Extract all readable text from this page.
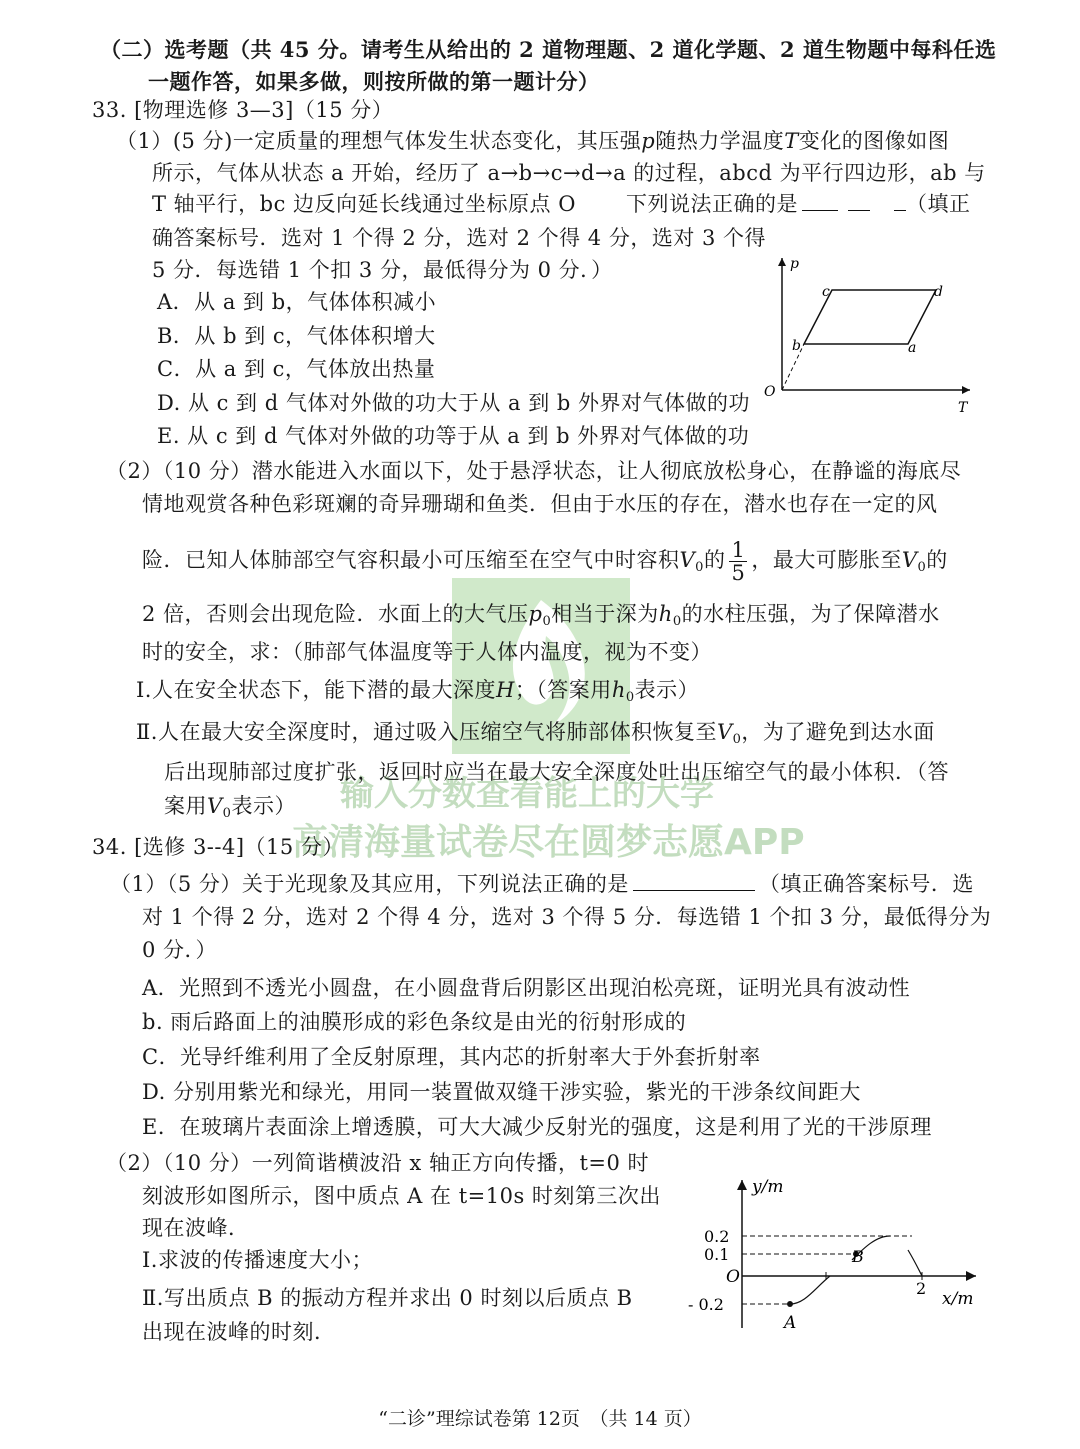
输入分数查看能上的大学
高清海量试卷尽在圆梦志愿APP
（二）选考题（共 45 分。请考生从给出的 2 道物理题、2 道化学题、2 道生物题中每科任选
一题作答，如果多做，则按所做的第一题计分）
33. [物理选修 3—3]（15 分）
（1）(5 分)一定质量的理想气体发生状态变化，其压强p随热力学温度T变化的图像如图
所示，气体从状态 a 开始，经历了 a→b→c→d→a 的过程，abcd 为平行四边形，ab 与
T 轴平行，bc 边反向延长线通过坐标原点 O 下列说法正确的是	（填正
确答案标号．选对 1 个得 2 分，选对 2 个得 4 分，选对 3 个得
5 分．每选错 1 个扣 3 分，最低得分为 0 分．）
A．从 a 到 b，气体体积减小
B．从 b 到 c，气体体积增大
C．从 a 到 c，气体放出热量
D. 从 c 到 d 气体对外做的功大于从 a 到 b 外界对气体做的功
E. 从 c 到 d 气体对外做的功等于从 a 到 b 外界对气体做的功
p
T
O
a
b
c	d
（2）（10 分）潜水能进入水面以下，处于悬浮状态，让人彻底放松身心，在静谧的海底尽
情地观赏各种色彩斑斓的奇异珊瑚和鱼类．但由于水压的存在，潜水也存在一定的风
险．已知人体肺部空气容积最小可压缩至在空气中时容积$V_0$的 $\frac{1}{5}$ ，最大可膨胀至$V_0$的
2 倍，否则会出现危险．水面上的大气压$p_0$相当于深为$h_0$的水柱压强，为了保障潜水
时的安全，求：（肺部气体温度等于人体内温度，视为不变）
Ⅰ.人在安全状态下，能下潜的最大深度H；（答案用$h_0$表示）
Ⅱ.人在最大安全深度时，通过吸入压缩空气将肺部体积恢复至$V_0$，为了避免到达水面
后出现肺部过度扩张，返回时应当在最大安全深度处吐出压缩空气的最小体积．（答
案用$V_0$表示）
34. [选修 3--4]（15 分）
（1）（5 分）关于光现象及其应用，下列说法正确的是	（填正确答案标号．选
对 1 个得 2 分，选对 2 个得 4 分，选对 3 个得 5 分．每选错 1 个扣 3 分，最低得分为
0 分．）
A．光照到不透光小圆盘，在小圆盘背后阴影区出现泊松亮斑，证明光具有波动性
b. 雨后路面上的油膜形成的彩色条纹是由光的衍射形成的
C．光导纤维利用了全反射原理，其内芯的折射率大于外套折射率
D. 分别用紫光和绿光，用同一装置做双缝干涉实验，紫光的干涉条纹间距大
E．在玻璃片表面涂上增透膜，可大大减少反射光的强度，这是利用了光的干涉原理
（2）（10 分）一列简谐横波沿 x 轴正方向传播，t=0 时
刻波形如图所示，图中质点 A 在 t=10s 时刻第三次出
现在波峰．
Ⅰ.求波的传播速度大小；
Ⅱ.写出质点 B 的振动方程并求出 0 时刻以后质点 B
出现在波峰的时刻．
y/m
x/m
O
0.2
0.1
- 0.2
2
A
B
“二诊”理综试卷第 12页　（共 14 页）
